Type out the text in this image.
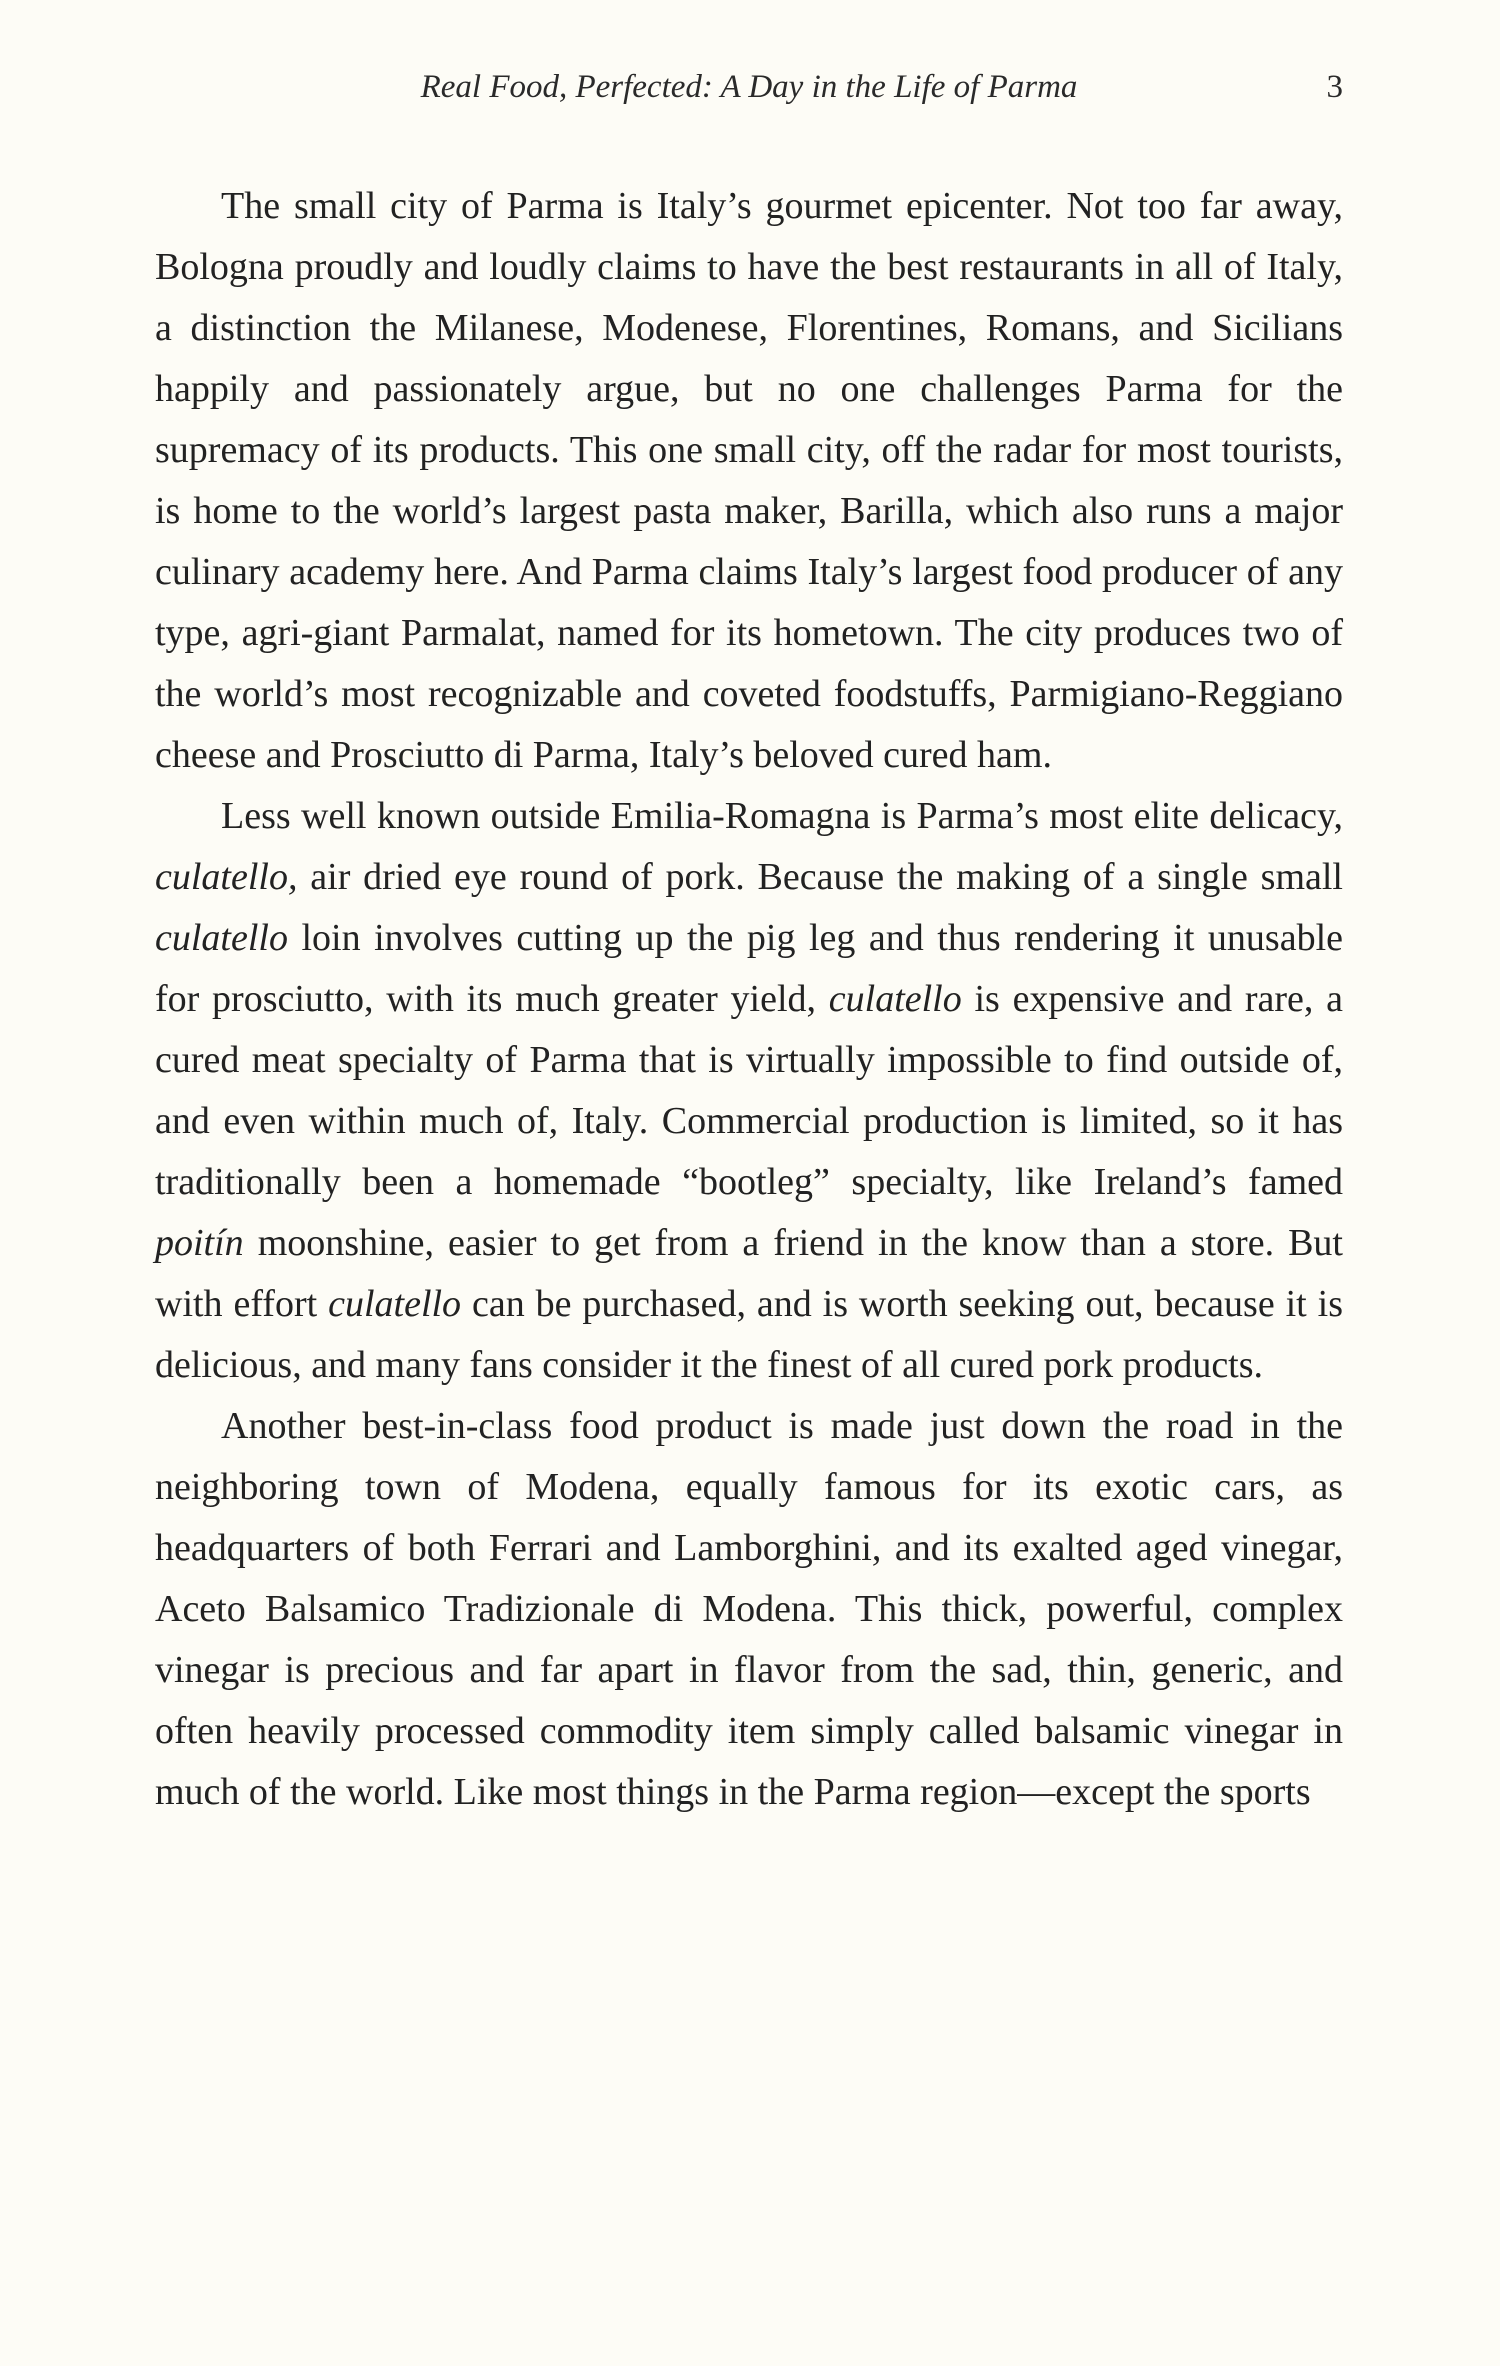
Real Food, Perfected: A Day in the Life of Parma	3

The small city of Parma is Italy’s gourmet epicenter. Not too far away, Bologna proudly and loudly claims to have the best restaurants in all of Italy, a distinction the Milanese, Modenese, Florentines, Romans, and Sicilians happily and passionately argue, but no one challenges Parma for the supremacy of its products. This one small city, off the radar for most tourists, is home to the world’s largest pasta maker, Barilla, which also runs a major culinary academy here. And Parma claims Italy’s largest food producer of any type, agri-giant Parmalat, named for its hometown. The city produces two of the world’s most recognizable and coveted foodstuffs, Parmigiano-Reggiano cheese and Prosciutto di Parma, Italy’s beloved cured ham.

Less well known outside Emilia-Romagna is Parma’s most elite delicacy, culatello, air dried eye round of pork. Because the making of a single small culatello loin involves cutting up the pig leg and thus rendering it unusable for prosciutto, with its much greater yield, culatello is expensive and rare, a cured meat specialty of Parma that is virtually impossible to find outside of, and even within much of, Italy. Commercial production is limited, so it has traditionally been a homemade “bootleg” specialty, like Ireland’s famed poitín moonshine, easier to get from a friend in the know than a store. But with effort culatello can be purchased, and is worth seeking out, because it is delicious, and many fans consider it the finest of all cured pork products.

Another best-in-class food product is made just down the road in the neighboring town of Modena, equally famous for its exotic cars, as headquarters of both Ferrari and Lamborghini, and its exalted aged vinegar, Aceto Balsamico Tradizionale di Modena. This thick, powerful, complex vinegar is precious and far apart in flavor from the sad, thin, generic, and often heavily processed commodity item simply called balsamic vinegar in much of the world. Like most things in the Parma region—except the sports
